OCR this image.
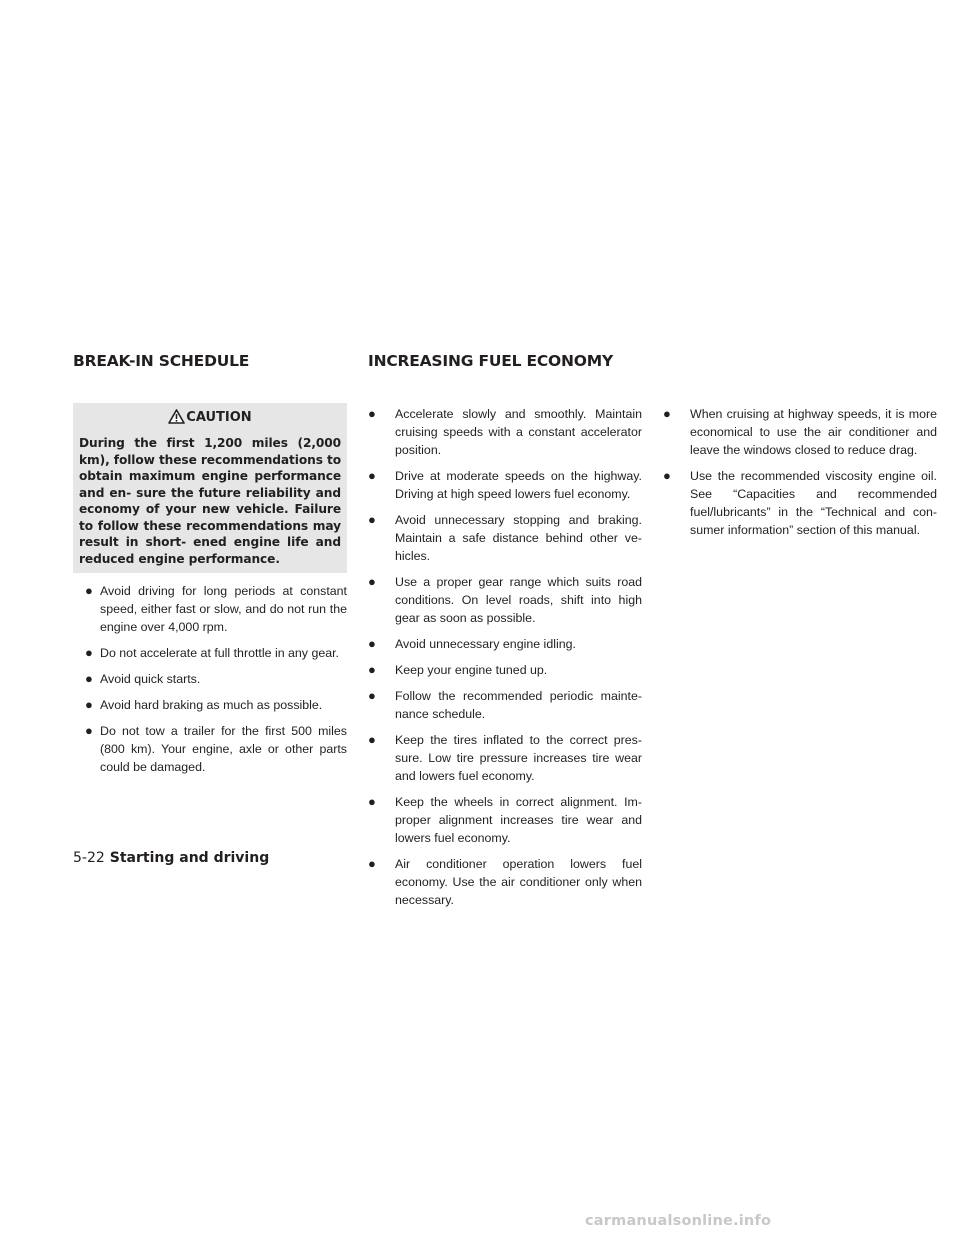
BREAK-IN SCHEDULE	INCREASING FUEL ECONOMY
CAUTION
During the first 1,200 miles (2,000 km), follow these recommendations to obtain maximum engine performance and en- sure the future reliability and economy of your new vehicle. Failure to follow these recommendations may result in short- ened engine life and reduced engine performance.
● Avoid driving for long periods at constant speed, either fast or slow, and do not run the engine over 4,000 rpm.
● Do not accelerate at full throttle in any gear.
● Avoid quick starts.
● Avoid hard braking as much as possible.
● Do not tow a trailer for the first 500 miles (800 km). Your engine, axle or other parts could be damaged.
● Accelerate slowly and smoothly. Maintain cruising speeds with a constant accelerator position.
● Drive at moderate speeds on the highway. Driving at high speed lowers fuel economy.
● Avoid unnecessary stopping and braking. Maintain a safe distance behind other ve- hicles.
● Use a proper gear range which suits road conditions. On level roads, shift into high gear as soon as possible.
● Avoid unnecessary engine idling.
● Keep your engine tuned up.
● Follow the recommended periodic mainte- nance schedule.
● Keep the tires inflated to the correct pres- sure. Low tire pressure increases tire wear and lowers fuel economy.
● Keep the wheels in correct alignment. Im- proper alignment increases tire wear and lowers fuel economy.
● Air conditioner operation lowers fuel economy. Use the air conditioner only when necessary.
● When cruising at highway speeds, it is more economical to use the air conditioner and leave the windows closed to reduce drag.
● Use the recommended viscosity engine oil. See “Capacities and recommended fuel/lubricants” in the “Technical and con- sumer information” section of this manual.
5-22 Starting and driving
carmanualsonline.info
